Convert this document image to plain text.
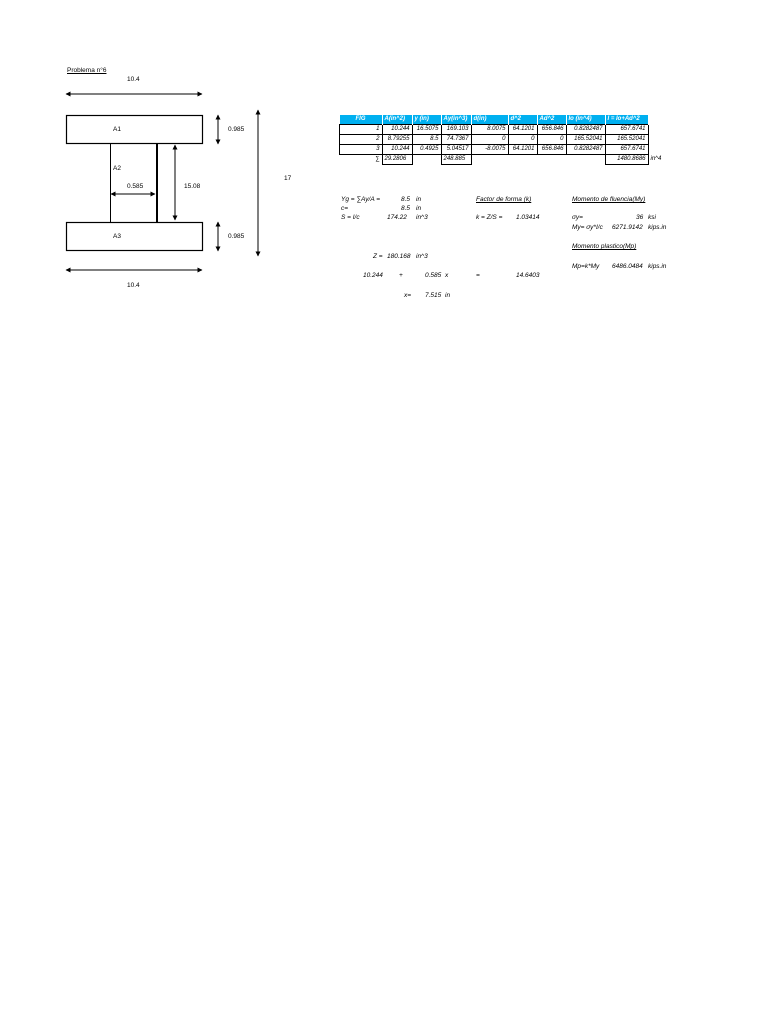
Problema n°6
10.4
A1	0.985
A2
0.585	15.08
17
A3	0.985
10.4
FIG	A(in^2)	y (in)	Ay(in^3)	d(in)	d^2	Ad^2	Io (in^4)	I = Io+Ad^2	
1	10.244	16.5075	169.103	8.0075	64.1201	656.846	0.8282487	657.6741	
2	8.79255	8.5	74.7367	0	0	0	165.52041	165.52041	
3	10.244	0.4925	5.04517	-8.0075	64.1201	656.846	0.8282487	657.6741	
∑	29.2806		248.885					1480.8686	in^4
Yg = ∑Ay/A =	8.5 in
c=	8.5 in
S = I/c	174.22 in^3
Z = 180.168 in^3
10.244 +	0.585 x	=	14.6403
x= 7.515 in
Factor de forma (k)
k = Z/S = 1.03414
Momento de fluencia(My)
σy=	36 ksi
My= σy*I/c 6271.9142 kips.in
Momento plastico(Mp)
Mp=k*My 6486.0484 kips.in
